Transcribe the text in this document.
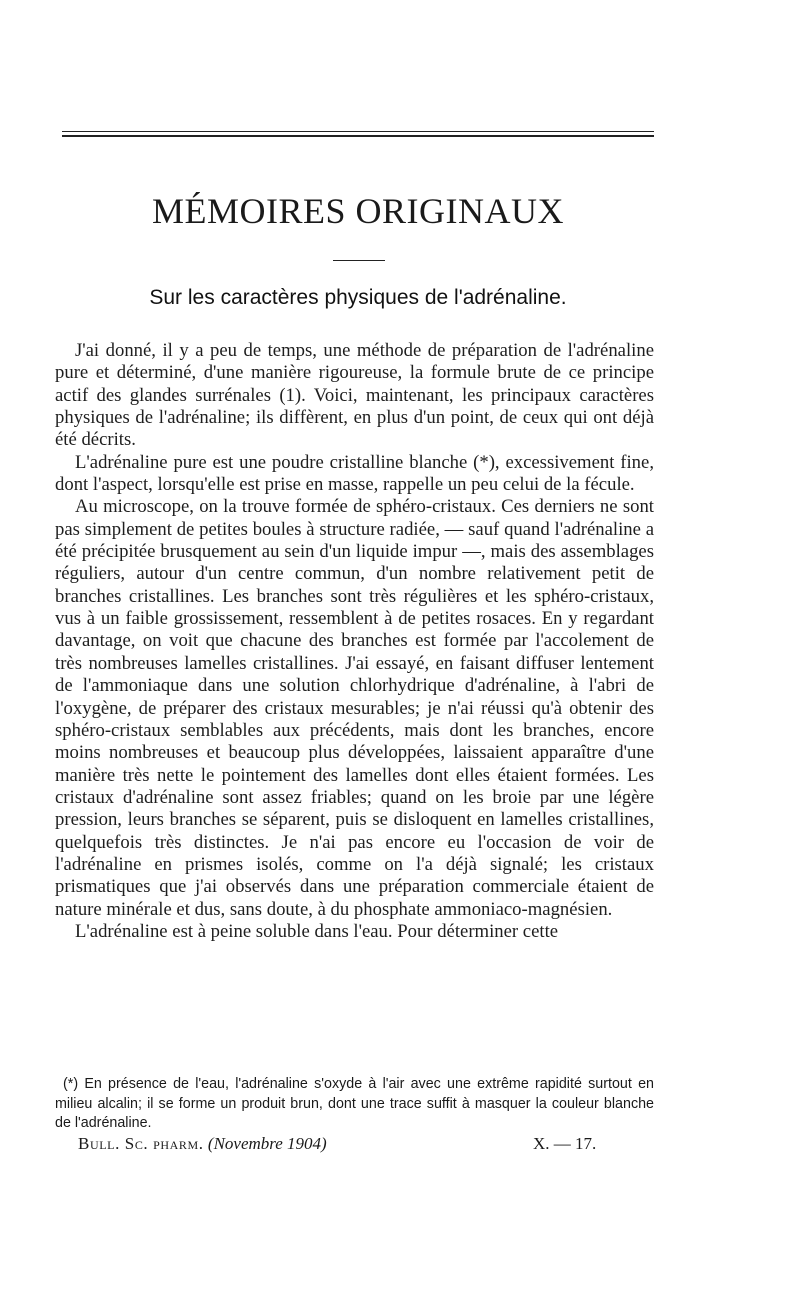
MÉMOIRES ORIGINAUX
Sur les caractères physiques de l'adrénaline.

J'ai donné, il y a peu de temps, une méthode de préparation de l'adrénaline pure et déterminé, d'une manière rigoureuse, la formule brute de ce principe actif des glandes surrénales (1). Voici, maintenant, les principaux caractères physiques de l'adrénaline; ils diffèrent, en plus d'un point, de ceux qui ont déjà été décrits.

L'adrénaline pure est une poudre cristalline blanche (*), excessivement fine, dont l'aspect, lorsqu'elle est prise en masse, rappelle un peu celui de la fécule.

Au microscope, on la trouve formée de sphéro-cristaux. Ces derniers ne sont pas simplement de petites boules à structure radiée, — sauf quand l'adrénaline a été précipitée brusquement au sein d'un liquide impur —, mais des assemblages réguliers, autour d'un centre commun, d'un nombre relativement petit de branches cristallines. Les branches sont très régulières et les sphéro-cristaux, vus à un faible grossissement, ressemblent à de petites rosaces. En y regardant davantage, on voit que chacune des branches est formée par l'accolement de très nombreuses lamelles cristallines. J'ai essayé, en faisant diffuser lentement de l'ammoniaque dans une solution chlorhydrique d'adrénaline, à l'abri de l'oxygène, de préparer des cristaux mesurables; je n'ai réussi qu'à obtenir des sphéro-cristaux semblables aux précédents, mais dont les branches, encore moins nombreuses et beaucoup plus développées, laissaient apparaître d'une manière très nette le pointement des lamelles dont elles étaient formées. Les cristaux d'adrénaline sont assez friables; quand on les broie par une légère pression, leurs branches se séparent, puis se disloquent en lamelles cristallines, quelquefois très distinctes. Je n'ai pas encore eu l'occasion de voir de l'adrénaline en prismes isolés, comme on l'a déjà signalé; les cristaux prismatiques que j'ai observés dans une préparation commerciale étaient de nature minérale et dus, sans doute, à du phosphate ammoniaco-magnésien.

L'adrénaline est à peine soluble dans l'eau. Pour déterminer cette

(*) En présence de l'eau, l'adrénaline s'oxyde à l'air avec une extrême rapidité surtout en milieu alcalin; il se forme un produit brun, dont une trace suffit à masquer la couleur blanche de l'adrénaline.

Bull. Sc. pharm. (Novembre 1904)	X. — 17.
